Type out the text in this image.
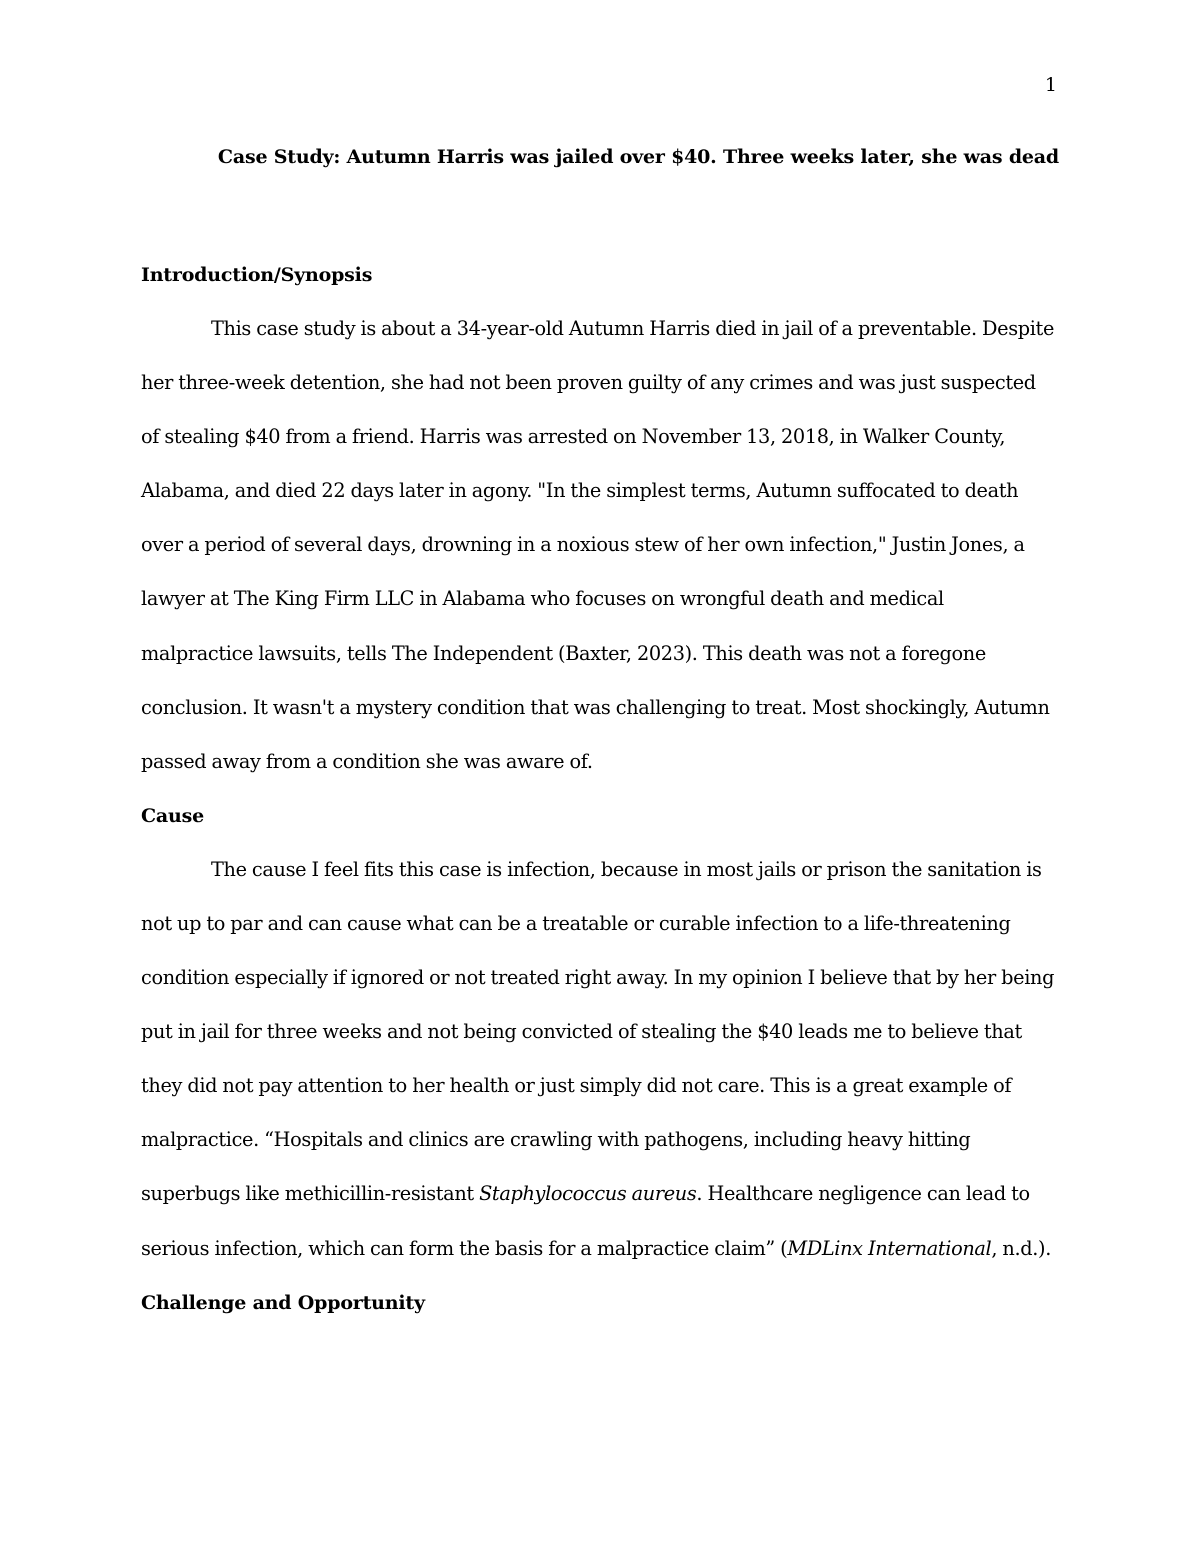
1
Case Study: Autumn Harris was jailed over $40. Three weeks later, she was dead
Introduction/Synopsis

This case study is about a 34-year-old Autumn Harris died in jail of a preventable. Despite her three-week detention, she had not been proven guilty of any crimes and was just suspected of stealing $40 from a friend. Harris was arrested on November 13, 2018, in Walker County, Alabama, and died 22 days later in agony. "In the simplest terms, Autumn suffocated to death over a period of several days, drowning in a noxious stew of her own infection," Justin Jones, a lawyer at The King Firm LLC in Alabama who focuses on wrongful death and medical malpractice lawsuits, tells The Independent (Baxter, 2023). This death was not a foregone conclusion. It wasn't a mystery condition that was challenging to treat. Most shockingly, Autumn passed away from a condition she was aware of.

Cause

The cause I feel fits this case is infection, because in most jails or prison the sanitation is not up to par and can cause what can be a treatable or curable infection to a life-threatening condition especially if ignored or not treated right away. In my opinion I believe that by her being put in jail for three weeks and not being convicted of stealing the $40 leads me to believe that they did not pay attention to her health or just simply did not care. This is a great example of malpractice. “Hospitals and clinics are crawling with pathogens, including heavy hitting superbugs like methicillin-resistant Staphylococcus aureus. Healthcare negligence can lead to serious infection, which can form the basis for a malpractice claim” (MDLinx International, n.d.).

Challenge and Opportunity
